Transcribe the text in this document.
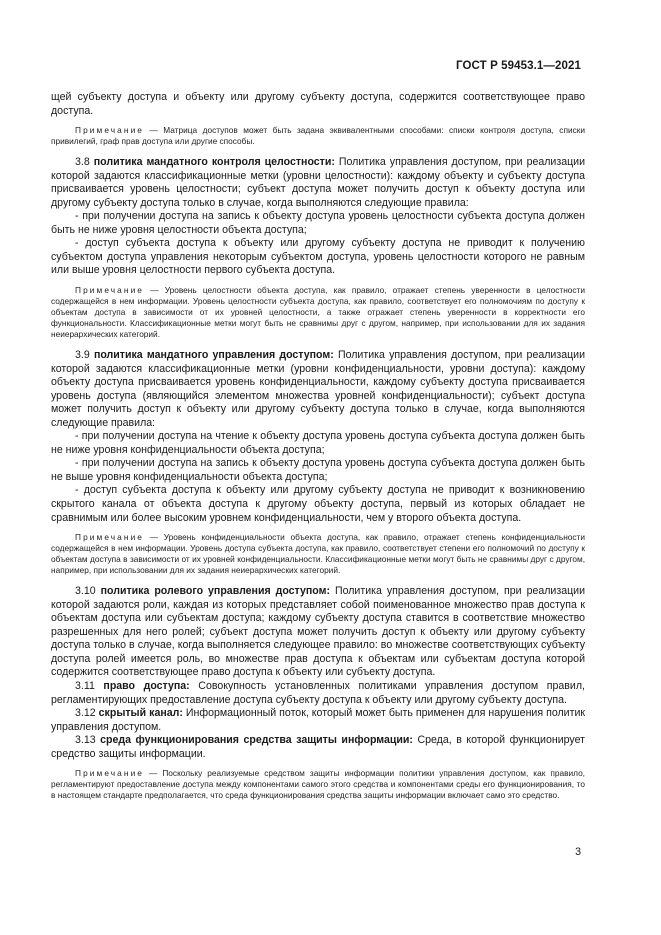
ГОСТ Р 59453.1—2021

щей субъекту доступа и объекту или другому субъекту доступа, содержится соответствующее право доступа.

Примечание — Матрица доступов может быть задана эквивалентными способами: списки контроля доступа, списки привилегий, граф прав доступа или другие способы.

3.8 политика мандатного контроля целостности: Политика управления доступом, при реализации которой задаются классификационные метки (уровни целостности): каждому объекту и субъекту доступа присваивается уровень целостности; субъект доступа может получить доступ к объекту доступа или другому субъекту доступа только в случае, когда выполняются следующие правила:

- при получении доступа на запись к объекту доступа уровень целостности субъекта доступа должен быть не ниже уровня целостности объекта доступа;

- доступ субъекта доступа к объекту или другому субъекту доступа не приводит к получению субъектом доступа управления некоторым субъектом доступа, уровень целостности которого не равным или выше уровня целостности первого субъекта доступа.

Примечание — Уровень целостности объекта доступа, как правило, отражает степень уверенности в целостности содержащейся в нем информации. Уровень целостности субъекта доступа, как правило, соответствует его полномочиям по доступу к объектам доступа в зависимости от их уровней целостности, а также отражает степень уверенности в корректности его функциональности. Классификационные метки могут быть не сравнимы друг с другом, например, при использовании для их задания неиерархических категорий.

3.9 политика мандатного управления доступом: Политика управления доступом, при реализации которой задаются классификационные метки (уровни конфиденциальности, уровни доступа): каждому объекту доступа присваивается уровень конфиденциальности, каждому субъекту доступа присваивается уровень доступа (являющийся элементом множества уровней конфиденциальности); субъект доступа может получить доступ к объекту или другому субъекту доступа только в случае, когда выполняются следующие правила:

- при получении доступа на чтение к объекту доступа уровень доступа субъекта доступа должен быть не ниже уровня конфиденциальности объекта доступа;

- при получении доступа на запись к объекту доступа уровень доступа субъекта доступа должен быть не выше уровня конфиденциальности объекта доступа;

- доступ субъекта доступа к объекту или другому субъекту доступа не приводит к возникновению скрытого канала от объекта доступа к другому объекту доступа, первый из которых обладает не сравнимым или более высоким уровнем конфиденциальности, чем у второго объекта доступа.

Примечание — Уровень конфиденциальности объекта доступа, как правило, отражает степень конфиденциальности содержащейся в нем информации. Уровень доступа субъекта доступа, как правило, соответствует степени его полномочий по доступу к объектам доступа в зависимости от их уровней конфиденциальности. Классификационные метки могут быть не сравнимы друг с другом, например, при использовании для их задания неиерархических категорий.

3.10 политика ролевого управления доступом: Политика управления доступом, при реализации которой задаются роли, каждая из которых представляет собой поименованное множество прав доступа к объектам доступа или субъектам доступа; каждому субъекту доступа ставится в соответствие множество разрешенных для него ролей; субъект доступа может получить доступ к объекту или другому субъекту доступа только в случае, когда выполняется следующее правило: во множестве соответствующих субъекту доступа ролей имеется роль, во множестве прав доступа к объектам или субъектам доступа которой содержится соответствующее право доступа к объекту или субъекту доступа.

3.11 право доступа: Совокупность установленных политиками управления доступом правил, регламентирующих предоставление доступа субъекту доступа к объекту или другому субъекту доступа.

3.12 скрытый канал: Информационный поток, который может быть применен для нарушения политик управления доступом.

3.13 среда функционирования средства защиты информации: Среда, в которой функционирует средство защиты информации.

Примечание — Поскольку реализуемые средством защиты информации политики управления доступом, как правило, регламентируют предоставление доступа между компонентами самого этого средства и компонентами среды его функционирования, то в настоящем стандарте предполагается, что среда функционирования средства защиты информации включает само это средство.

3
